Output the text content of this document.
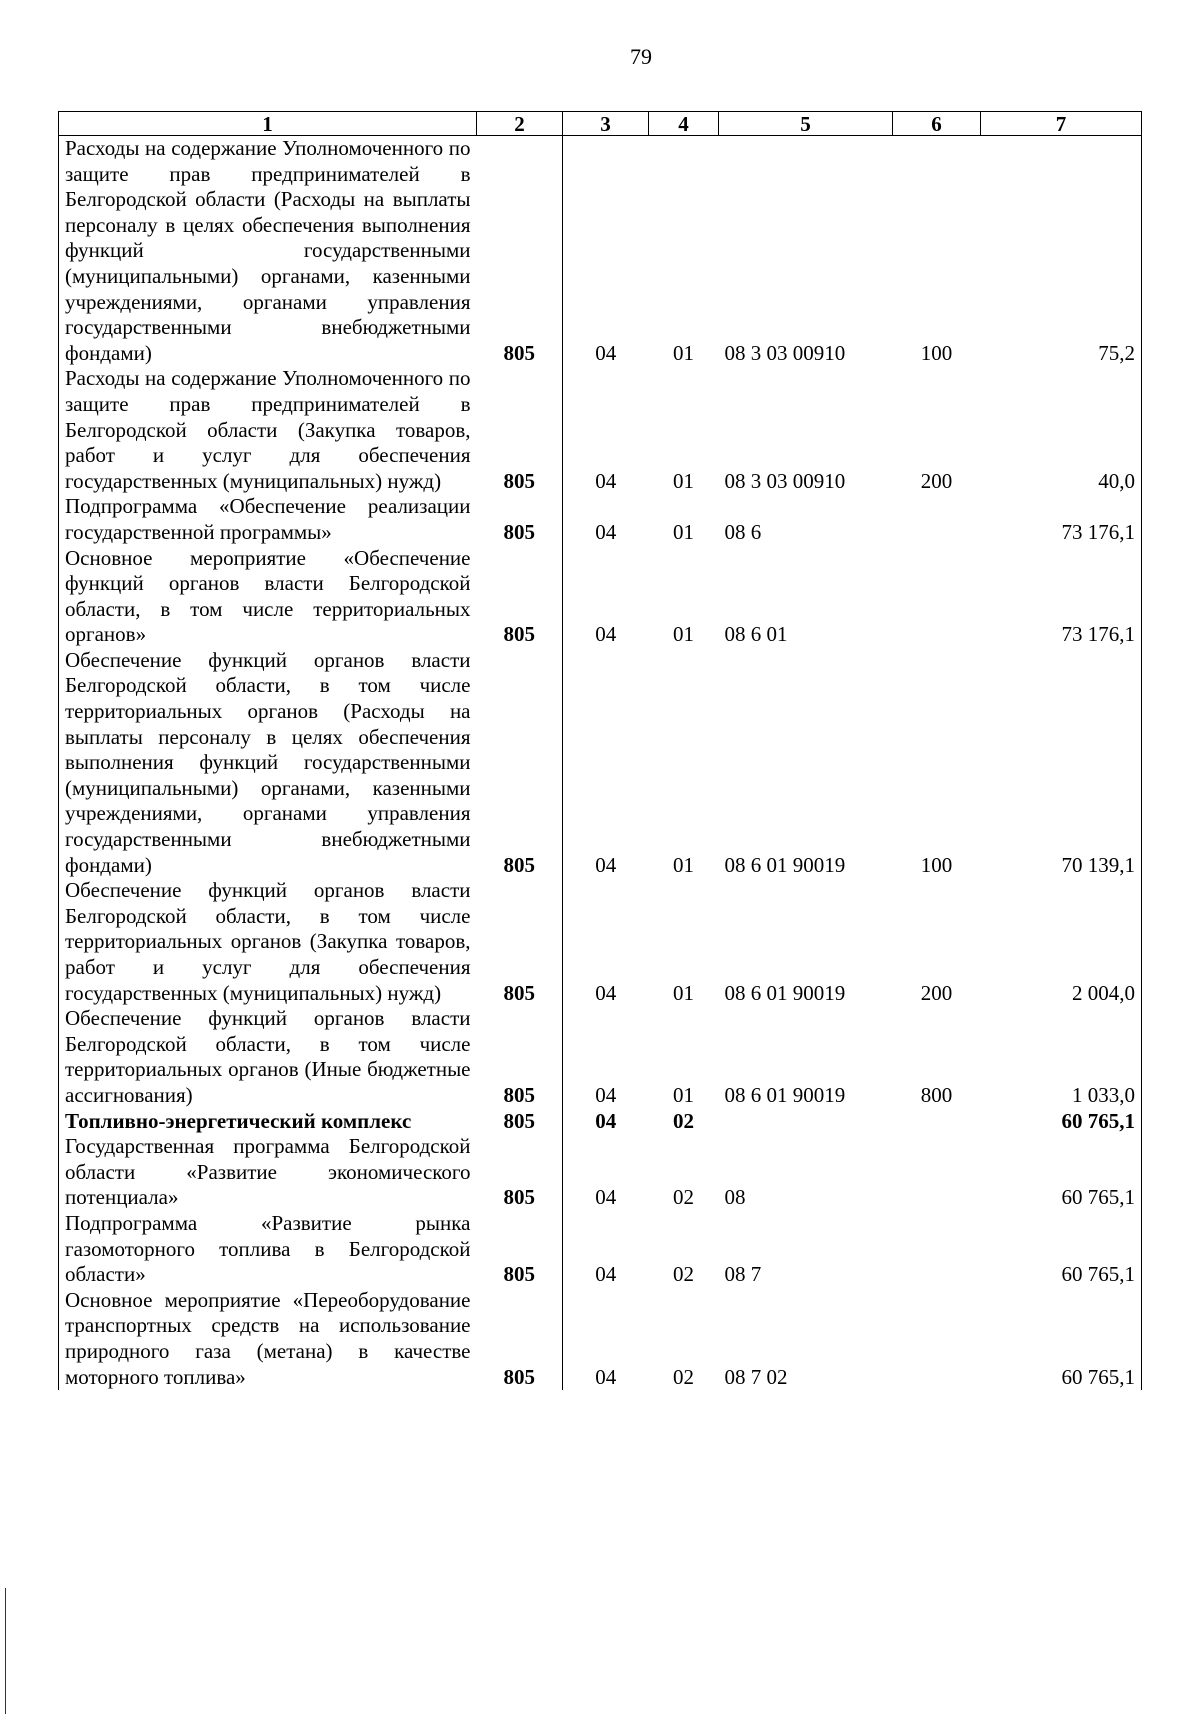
79
1	2	3	4	5	6	7
Расходы на содержание Уполномоченного по защите прав предпринимателей в Белгородской области (Расходы на выплаты персоналу в целях обеспечения выполнения функций государственными (муниципальными) органами, казенными учреждениями, органами управления государственными внебюджетными фондами)	805	04	01	08 3 03 00910	100	75,2
Расходы на содержание Уполномоченного по защите прав предпринимателей в Белгородской области (Закупка товаров, работ и услуг для обеспечения государственных (муниципальных) нужд)	805	04	01	08 3 03 00910	200	40,0
Подпрограмма «Обеспечение реализации государственной программы»	805	04	01	08 6		73 176,1
Основное мероприятие «Обеспечение функций органов власти Белгородской области, в том числе территориальных органов»	805	04	01	08 6 01		73 176,1
Обеспечение функций органов власти Белгородской области, в том числе территориальных органов (Расходы на выплаты персоналу в целях обеспечения выполнения функций государственными (муниципальными) органами, казенными учреждениями, органами управления государственными внебюджетными фондами)	805	04	01	08 6 01 90019	100	70 139,1
Обеспечение функций органов власти Белгородской области, в том числе территориальных органов (Закупка товаров, работ и услуг для обеспечения государственных (муниципальных) нужд)	805	04	01	08 6 01 90019	200	2 004,0
Обеспечение функций органов власти Белгородской области, в том числе территориальных органов (Иные бюджетные ассигнования)	805	04	01	08 6 01 90019	800	1 033,0
Топливно-энергетический комплекс	805	04	02			60 765,1
Государственная программа Белгородской области «Развитие экономического потенциала»	805	04	02	08		60 765,1
Подпрограмма «Развитие рынка газомоторного топлива в Белгородской области»	805	04	02	08 7		60 765,1
Основное мероприятие «Переоборудование транспортных средств на использование природного газа (метана) в качестве моторного топлива»	805	04	02	08 7 02		60 765,1
